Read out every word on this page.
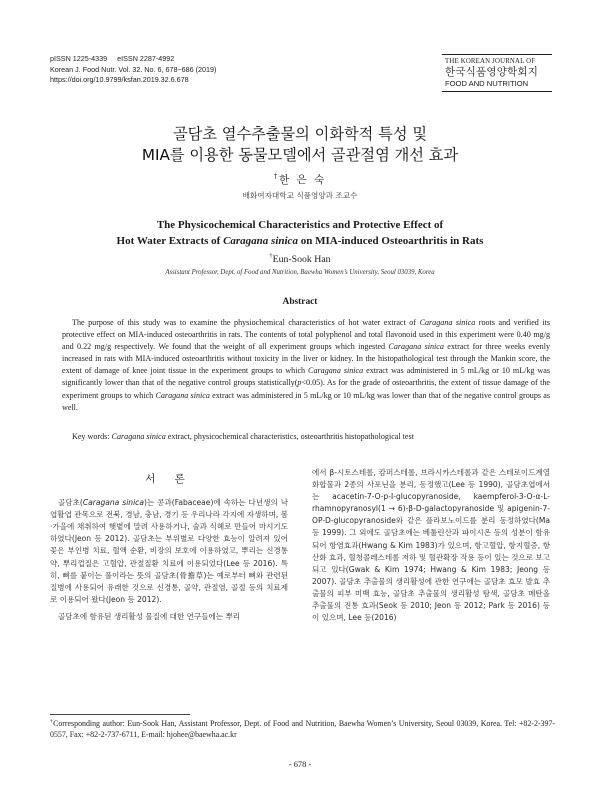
pISSN 1225-4339     eISSN 2287-4992
Korean J. Food Nutr. Vol. 32. No. 6, 678~686 (2019)
https://doi.org/10.9799/ksfan.2019.32.6.678
THE KOREAN JOURNAL OF
한국식품영양학회지
FOOD AND NUTRITION
골담초 열수추출물의 이화학적 특성 및
MIA를 이용한 동물모델에서 골관절염 개선 효과
†한 은 숙
배화여자대학교 식품영양과 조교수
The Physicochemical Characteristics and Protective Effect of
Hot Water Extracts of Caragana sinica on MIA-induced Osteoarthritis in Rats
†Eun-Sook Han
Assistant Professor, Dept. of Food and Nutrition, Baewha Women’s University, Seoul 03039, Korea
Abstract
The purpose of this study was to examine the physiochemical characteristics of hot water extract of Caragana sinica roots and verified its protective effect on MIA-induced osteoarthritis in rats. The contents of total polyphenol and total flavonoid used in this experiment were 0.40 mg/g and 0.22 mg/g respectively. We found that the weight of all experiment groups which ingested Caragana sinica extract for three weeks evenly increased in rats with MIA-induced osteoarthritis without toxicity in the liver or kidney. In the histopathological test through the Mankin score, the extent of damage of knee joint tissue in the experiment groups to which Caragana sinica extract was administered in 5 mL/kg or 10 mL/kg was significantly lower than that of the negative control groups statistically(p<0.05). As for the grade of osteoarthritis, the extent of tissue damage of the experiment groups to which Caragana sinica extract was administered in 5 mL/kg or 10 mL/kg was lower than that of the negative control groups as well.
Key words: Caragana sinica extract, physicochemical characteristics, osteoarthritis histopathological test
서 론
골담초(Caragana sinica)는 콩과(Fabaceae)에 속하는 다년생의 낙엽활엽 관목으로 전북, 경남, 충남, 경기 등 우리나라 각지에 자생하며, 봄·가을에 채취하여 햇볕에 말려 사용하거나, 술과 식혜로 만들어 마시기도 하였다(Jeon 등 2012). 골담초는 부위별로 다양한 효능이 알려져 있어 꽃은 부인병 치료, 혈액 순환, 비장의 보호에 이용하였고, 뿌리는 신경통약, 뿌리껍질은 고혈압, 관절질환 치료에 이용되었다(Lee 등 2016). 특히, 뼈를 붙이는 풀이라는 뜻의 골담초(骨擔草)는 예로부터 뼈와 관련된 질병에 사용되어 유래한 것으로 신경통, 골약, 관절염, 골절 등의 치료제로 이용되어 왔다(Jeon 등 2012).
골담초에 함유된 생리활성 물질에 대한 연구들에는 뿌리
에서 β-시토스테롤, 캄퍼스테롤, 브라시카스테롤과 같은 스테로이드계열 화합물과 2종의 사포닌을 분리, 동정했고(Lee 등 1990), 골담초엽에서는 acacetin-7-O-p-I-glucopyranoside, kaempferol-3-O-α-L-rhamnopyranosyl(1 → 6)-β-D-galactopyranoside 및 apigenin-7-OP-D-glucopyranoside와 같은 플라보노이드를 분리 동정하였다(Ma 등 1999). 그 외에도 골담초에는 베툴린산과 파이시온 등의 성분이 함유되어 항염효과(Hwang & Kim 1983)가 있으며, 항고혈압, 항지혈증, 항산화 효과, 혈청콜레스테롤 저하 및 혈관확장 작용 등이 있는 것으로 보고되고 있다(Gwak & Kim 1974; Hwang & Kim 1983; Jeong 등 2007). 골담초 추출물의 생리활성에 관한 연구에는 골담초 효모 발효 추출물의 피부 미백 효능, 골담초 추출물의 생리활성 탐색, 골담초 메탄올 추출물의 진통 효과(Seok 등 2010; Jeon 등 2012; Park 등 2016) 등이 있으며, Lee 등(2016)
†Corresponding author: Eun-Sook Han, Assistant Professor, Dept. of Food and Nutrition, Baewha Women’s University, Seoul 03039, Korea. Tel: +82-2-397-0557, Fax: +82-2-737-6711, E-mail: hjohee@baewha.ac.kr
- 678 -
